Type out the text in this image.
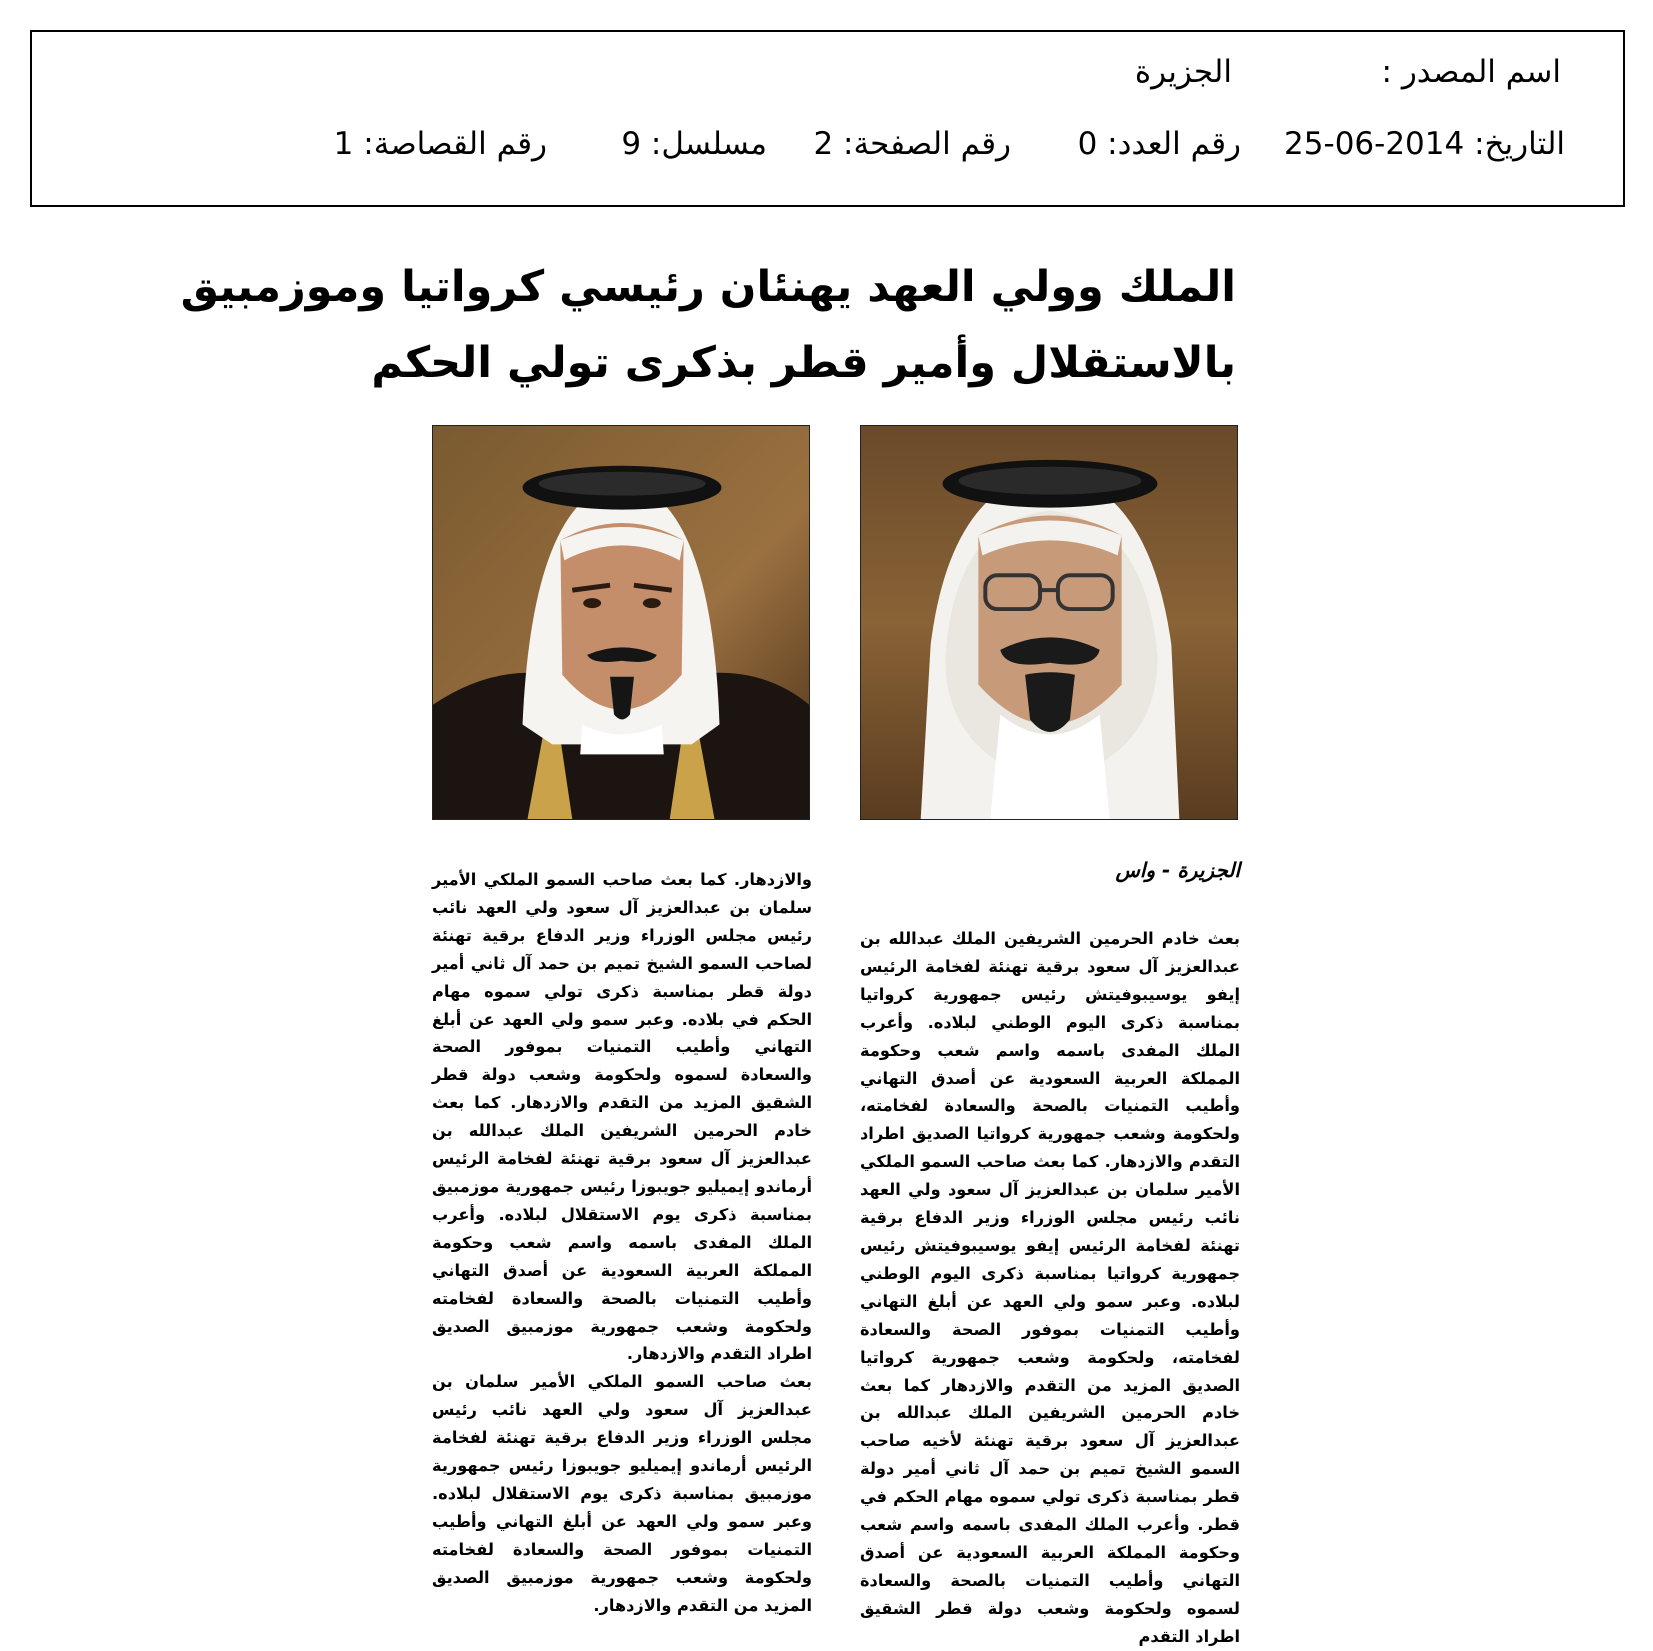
اسم المصدر :
الجزيرة
التاريخ: 2014-06-25
رقم العدد: 0
رقم الصفحة: 2
مسلسل: 9
رقم القصاصة: 1
الملك وولي العهد يهنئان رئيسي كرواتيا وموزمبيق
بالاستقلال وأمير قطر بذكرى تولي الحكم
الجزيرة - واس

بعث خادم الحرمين الشريفين الملك عبدالله بن عبدالعزيز آل سعود برقية تهنئة لفخامة الرئيس إيفو يوسيبوفيتش رئيس جمهورية كرواتيا بمناسبة ذكرى اليوم الوطني لبلاده. وأعرب الملك المفدى باسمه واسم شعب وحكومة المملكة العربية السعودية عن أصدق التهاني وأطيب التمنيات بالصحة والسعادة لفخامته، ولحكومة وشعب جمهورية كرواتيا الصديق اطراد التقدم والازدهار. كما بعث صاحب السمو الملكي الأمير سلمان بن عبدالعزيز آل سعود ولي العهد نائب رئيس مجلس الوزراء وزير الدفاع برقية تهنئة لفخامة الرئيس إيفو يوسيبوفيتش رئيس جمهورية كرواتيا بمناسبة ذكرى اليوم الوطني لبلاده. وعبر سمو ولي العهد عن أبلغ التهاني وأطيب التمنيات بموفور الصحة والسعادة لفخامته، ولحكومة وشعب جمهورية كرواتيا الصديق المزيد من التقدم والازدهار كما بعث خادم الحرمين الشريفين الملك عبدالله بن عبدالعزيز آل سعود برقية تهنئة لأخيه صاحب السمو الشيخ تميم بن حمد آل ثاني أمير دولة قطر بمناسبة ذكرى تولي سموه مهام الحكم في قطر. وأعرب الملك المفدى باسمه واسم شعب وحكومة المملكة العربية السعودية عن أصدق التهاني وأطيب التمنيات بالصحة والسعادة لسموه ولحكومة وشعب دولة قطر الشقيق اطراد التقدم

والازدهار. كما بعث صاحب السمو الملكي الأمير سلمان بن عبدالعزيز آل سعود ولي العهد نائب رئيس مجلس الوزراء وزير الدفاع برقية تهنئة لصاحب السمو الشيخ تميم بن حمد آل ثاني أمير دولة قطر بمناسبة ذكرى تولي سموه مهام الحكم في بلاده. وعبر سمو ولي العهد عن أبلغ التهاني وأطيب التمنيات بموفور الصحة والسعادة لسموه ولحكومة وشعب دولة قطر الشقيق المزيد من التقدم والازدهار. كما بعث خادم الحرمين الشريفين الملك عبدالله بن عبدالعزيز آل سعود برقية تهنئة لفخامة الرئيس أرماندو إيميليو جويبوزا رئيس جمهورية موزمبيق بمناسبة ذكرى يوم الاستقلال لبلاده. وأعرب الملك المفدى باسمه واسم شعب وحكومة المملكة العربية السعودية عن أصدق التهاني وأطيب التمنيات بالصحة والسعادة لفخامته ولحكومة وشعب جمهورية موزمبيق الصديق اطراد التقدم والازدهار.

بعث صاحب السمو الملكي الأمير سلمان بن عبدالعزيز آل سعود ولي العهد نائب رئيس مجلس الوزراء وزير الدفاع برقية تهنئة لفخامة الرئيس أرماندو إيميليو جويبوزا رئيس جمهورية موزمبيق بمناسبة ذكرى يوم الاستقلال لبلاده. وعبر سمو ولي العهد عن أبلغ التهاني وأطيب التمنيات بموفور الصحة والسعادة لفخامته ولحكومة وشعب جمهورية موزمبيق الصديق المزيد من التقدم والازدهار.
